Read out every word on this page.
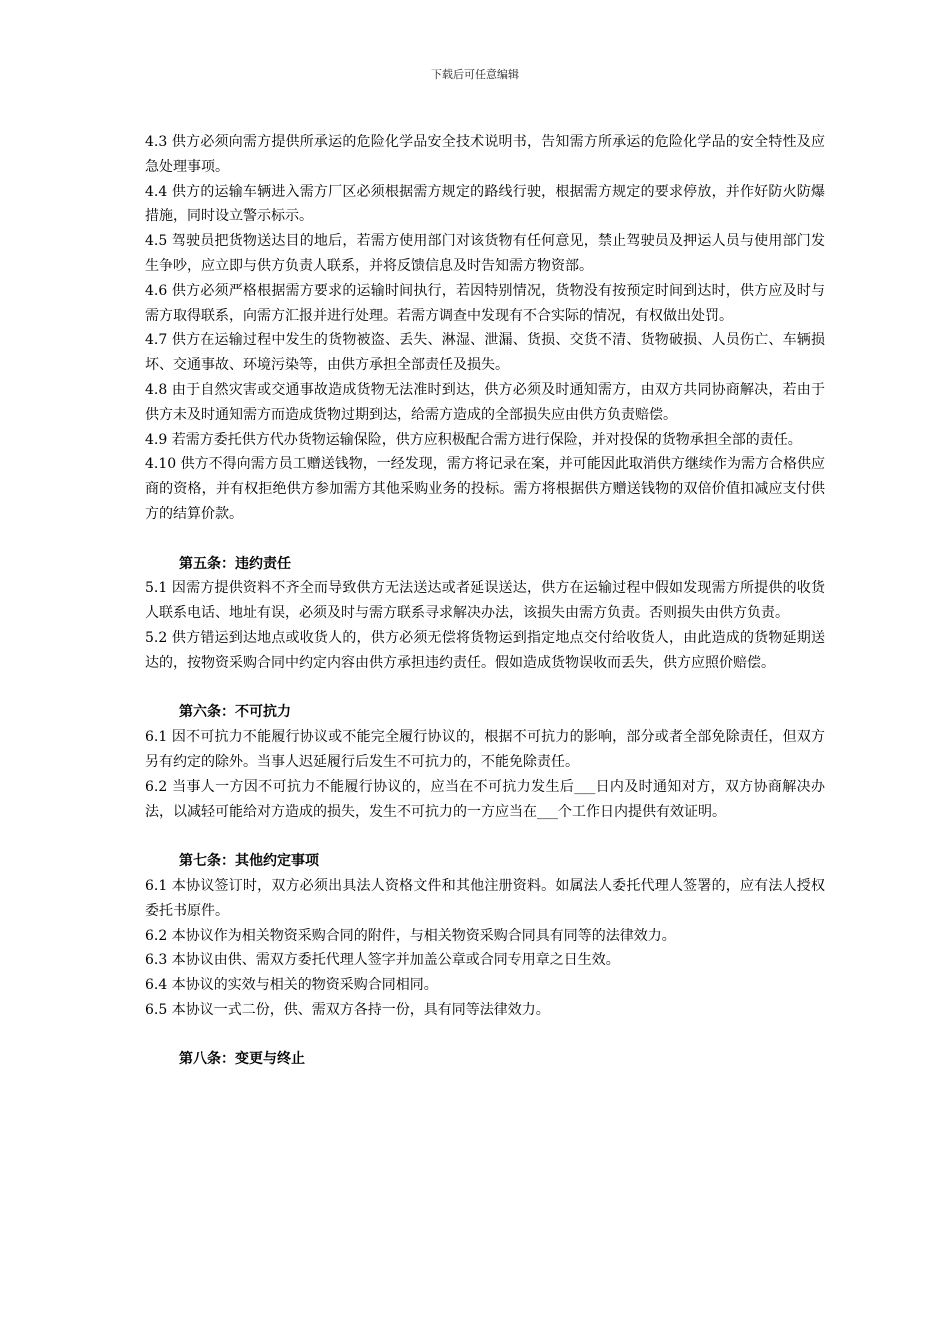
下载后可任意编辑

4.3 供方必须向需方提供所承运的危险化学品安全技术说明书，告知需方所承运的危险化学品的安全特性及应急处理事项。

4.4 供方的运输车辆进入需方厂区必须根据需方规定的路线行驶，根据需方规定的要求停放，并作好防火防爆措施，同时设立警示标示。

4.5 驾驶员把货物送达目的地后，若需方使用部门对该货物有任何意见，禁止驾驶员及押运人员与使用部门发生争吵，应立即与供方负责人联系，并将反馈信息及时告知需方物资部。

4.6 供方必须严格根据需方要求的运输时间执行，若因特别情况，货物没有按预定时间到达时，供方应及时与需方取得联系，向需方汇报并进行处理。若需方调查中发现有不合实际的情况，有权做出处罚。

4.7 供方在运输过程中发生的货物被盗、丢失、淋湿、泄漏、货损、交货不清、货物破损、人员伤亡、车辆损坏、交通事故、环境污染等，由供方承担全部责任及损失。

4.8 由于自然灾害或交通事故造成货物无法准时到达，供方必须及时通知需方，由双方共同协商解决，若由于供方未及时通知需方而造成货物过期到达，给需方造成的全部损失应由供方负责赔偿。

4.9 若需方委托供方代办货物运输保险，供方应积极配合需方进行保险，并对投保的货物承担全部的责任。

4.10 供方不得向需方员工赠送钱物，一经发现，需方将记录在案，并可能因此取消供方继续作为需方合格供应商的资格，并有权拒绝供方参加需方其他采购业务的投标。需方将根据供方赠送钱物的双倍价值扣减应支付供方的结算价款。

第五条：违约责任

5.1 因需方提供资料不齐全而导致供方无法送达或者延误送达，供方在运输过程中假如发现需方所提供的收货人联系电话、地址有误，必须及时与需方联系寻求解决办法，该损失由需方负责。否则损失由供方负责。

5.2 供方错运到达地点或收货人的，供方必须无偿将货物运到指定地点交付给收货人，由此造成的货物延期送达的，按物资采购合同中约定内容由供方承担违约责任。假如造成货物误收而丢失，供方应照价赔偿。

第六条：不可抗力

6.1 因不可抗力不能履行协议或不能完全履行协议的，根据不可抗力的影响，部分或者全部免除责任，但双方另有约定的除外。当事人迟延履行后发生不可抗力的，不能免除责任。

6.2 当事人一方因不可抗力不能履行协议的，应当在不可抗力发生后___日内及时通知对方，双方协商解决办法，以减轻可能给对方造成的损失，发生不可抗力的一方应当在___个工作日内提供有效证明。

第七条：其他约定事项

6.1 本协议签订时，双方必须出具法人资格文件和其他注册资料。如属法人委托代理人签署的，应有法人授权委托书原件。

6.2 本协议作为相关物资采购合同的附件，与相关物资采购合同具有同等的法律效力。

6.3 本协议由供、需双方委托代理人签字并加盖公章或合同专用章之日生效。

6.4 本协议的实效与相关的物资采购合同相同。

6.5 本协议一式二份，供、需双方各持一份，具有同等法律效力。

第八条：变更与终止
